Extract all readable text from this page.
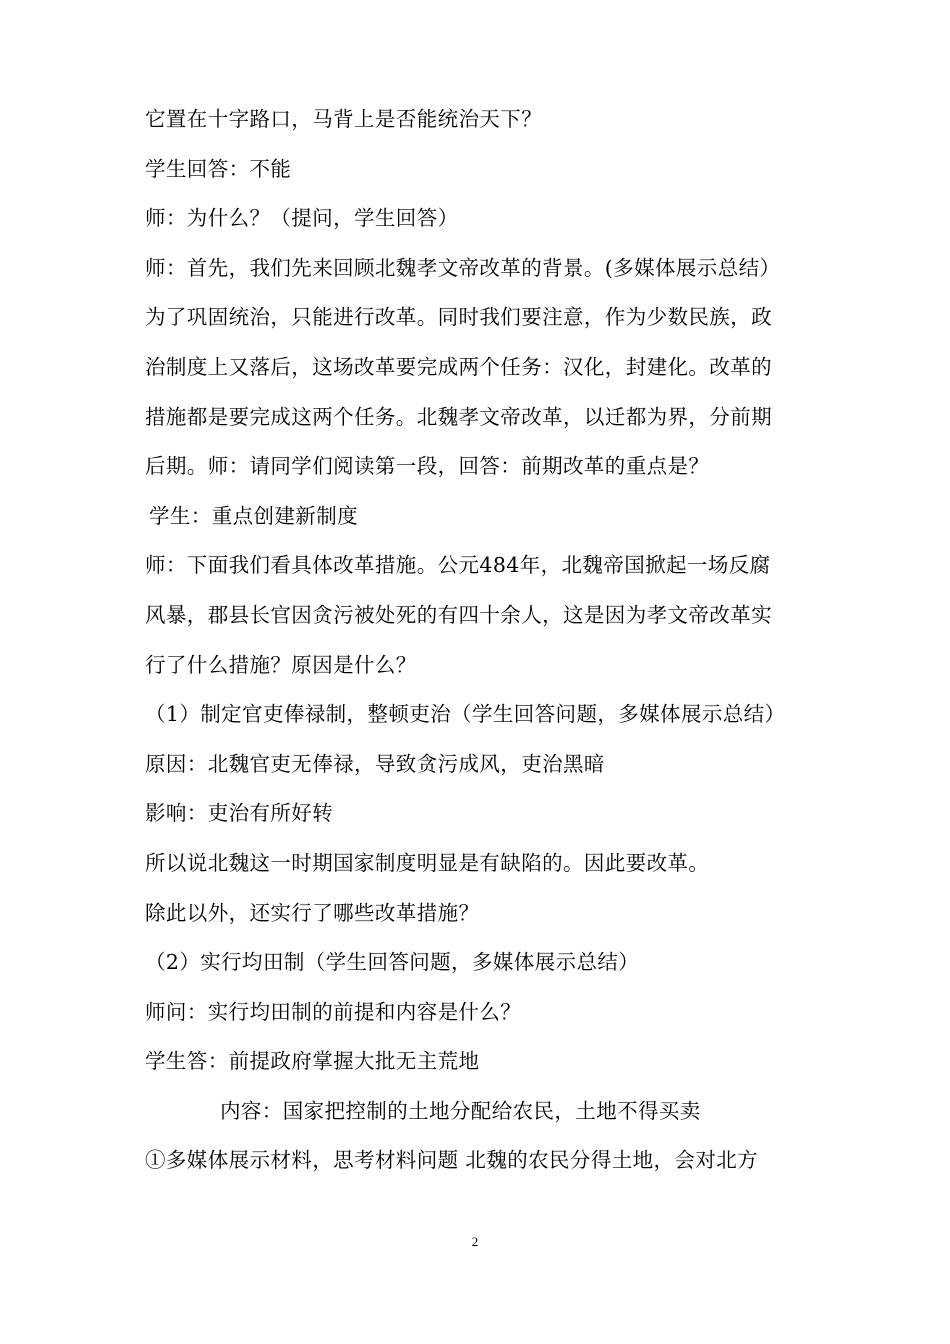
它置在十字路口，马背上是否能统治天下？
学生回答：不能
师：为什么？（提问，学生回答）
师：首先，我们先来回顾北魏孝文帝改革的背景。(多媒体展示总结）
为了巩固统治，只能进行改革。同时我们要注意，作为少数民族，政
治制度上又落后，这场改革要完成两个任务：汉化，封建化。改革的
措施都是要完成这两个任务。北魏孝文帝改革，以迁都为界，分前期
后期。师：请同学们阅读第一段，回答：前期改革的重点是？
学生：重点创建新制度
师：下面我们看具体改革措施。公元484年，北魏帝国掀起一场反腐
风暴，郡县长官因贪污被处死的有四十余人，这是因为孝文帝改革实
行了什么措施？原因是什么？
（1）制定官吏俸禄制，整顿吏治（学生回答问题，多媒体展示总结）
原因：北魏官吏无俸禄，导致贪污成风，吏治黑暗
影响：吏治有所好转
所以说北魏这一时期国家制度明显是有缺陷的。因此要改革。
除此以外，还实行了哪些改革措施？
（2）实行均田制（学生回答问题，多媒体展示总结）
师问：实行均田制的前提和内容是什么？
学生答：前提政府掌握大批无主荒地
内容：国家把控制的土地分配给农民，土地不得买卖
①多媒体展示材料，思考材料问题 北魏的农民分得土地，会对北方
2
